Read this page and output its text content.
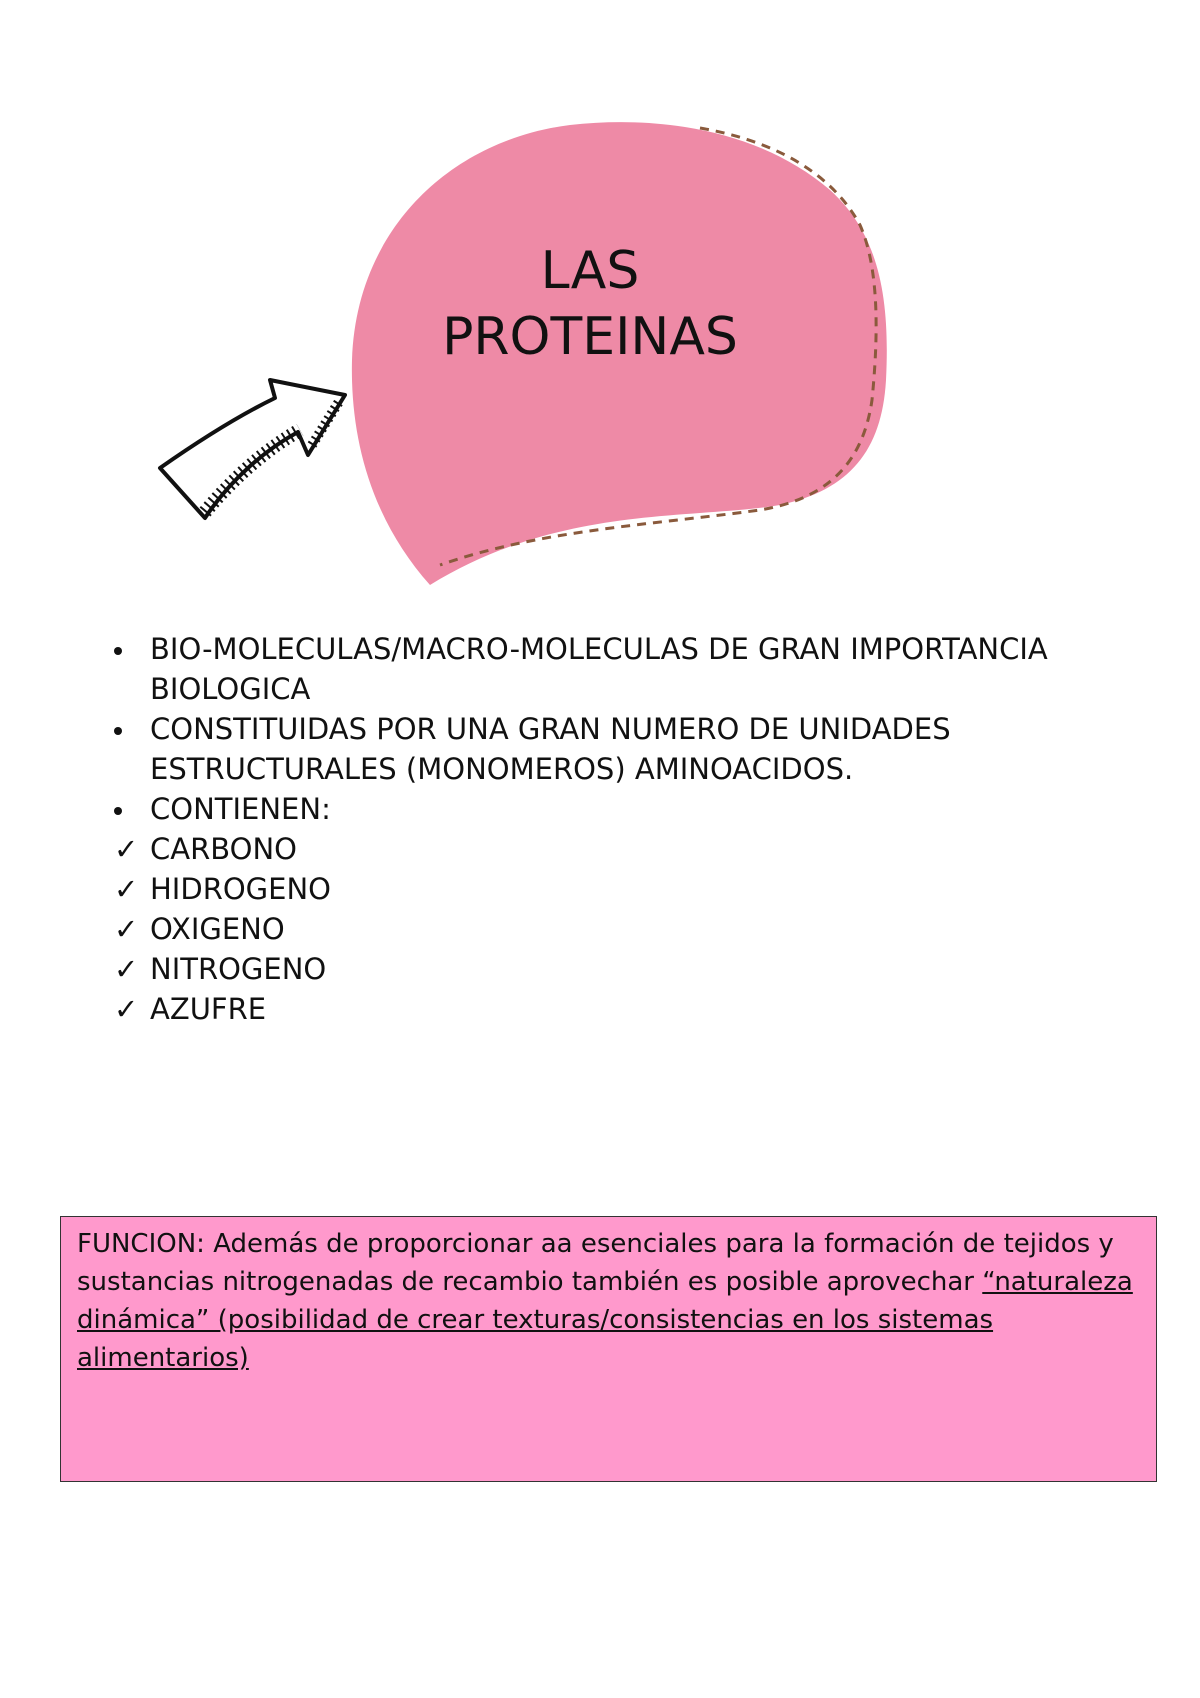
LAS
PROTEINAS
BIO-MOLECULAS/MACRO-MOLECULAS DE GRAN IMPORTANCIA BIOLOGICA
CONSTITUIDAS POR UNA GRAN NUMERO DE UNIDADES ESTRUCTURALES (MONOMEROS) AMINOACIDOS.
CONTIENEN:
✓ CARBONO
✓ HIDROGENO
✓ OXIGENO
✓ NITROGENO
✓ AZUFRE
FUNCION: Además de proporcionar aa esenciales para la formación de tejidos y sustancias nitrogenadas de recambio también es posible aprovechar “naturaleza dinámica” (posibilidad de crear texturas/consistencias en los sistemas alimentarios)
